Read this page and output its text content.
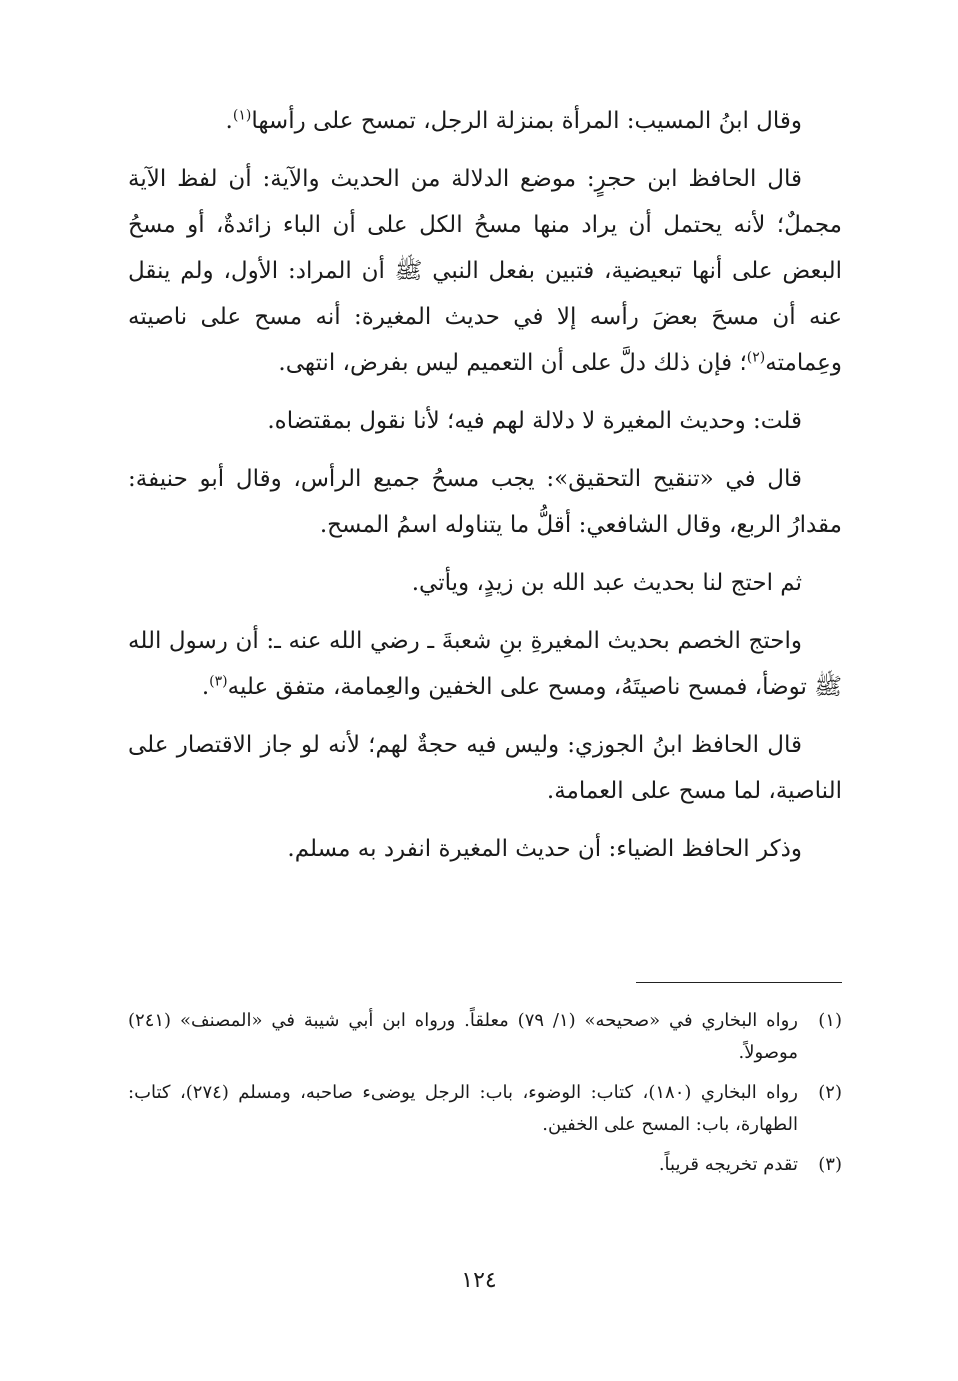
وقال ابنُ المسيب: المرأة بمنزلة الرجل، تمسح على رأسها$^{(١)}$.

قال الحافظ ابن حجرٍ: موضع الدلالة من الحديث والآية: أن لفظ الآية مجملٌ؛ لأنه يحتمل أن يراد منها مسحُ الكل على أن الباء زائدةٌ، أو مسحُ البعض على أنها تبعيضية، فتبين بفعل النبي ﷺ أن المراد: الأول، ولم ينقل عنه أن مسحَ بعضَ رأسه إلا في حديث المغيرة: أنه مسح على ناصيته وعِمامته$^{(٢)}$؛ فإن ذلك دلَّ على أن التعميم ليس بفرض، انتهى.

قلت: وحديث المغيرة لا دلالة لهم فيه؛ لأنا نقول بمقتضاه.

قال في «تنقيح التحقيق»: يجب مسحُ جميع الرأس، وقال أبو حنيفة: مقدارُ الربع، وقال الشافعي: أقلُّ ما يتناوله اسمُ المسح.

ثم احتج لنا بحديث عبد الله بن زيدٍ، ويأتي.

واحتج الخصم بحديث المغيرةِ بنِ شعبةَ ـ رضي الله عنه ـ: أن رسول الله ﷺ توضأ، فمسح ناصيتَهُ، ومسح على الخفين والعِمامة، متفق عليه$^{(٣)}$.

قال الحافظ ابنُ الجوزي: وليس فيه حجةٌ لهم؛ لأنه لو جاز الاقتصار على الناصية، لما مسح على العمامة.

وذكر الحافظ الضياء: أن حديث المغيرة انفرد به مسلم.

(١)
رواه البخاري في «صحيحه» (١/ ٧٩) معلقاً. ورواه ابن أبي شيبة في «المصنف» (٢٤١) موصولاً.
(٢)
رواه البخاري (١٨٠)، كتاب: الوضوء، باب: الرجل يوضىء صاحبه، ومسلم (٢٧٤)، كتاب: الطهارة، باب: المسح على الخفين.
(٣)
تقدم تخريجه قريباً.
١٢٤
